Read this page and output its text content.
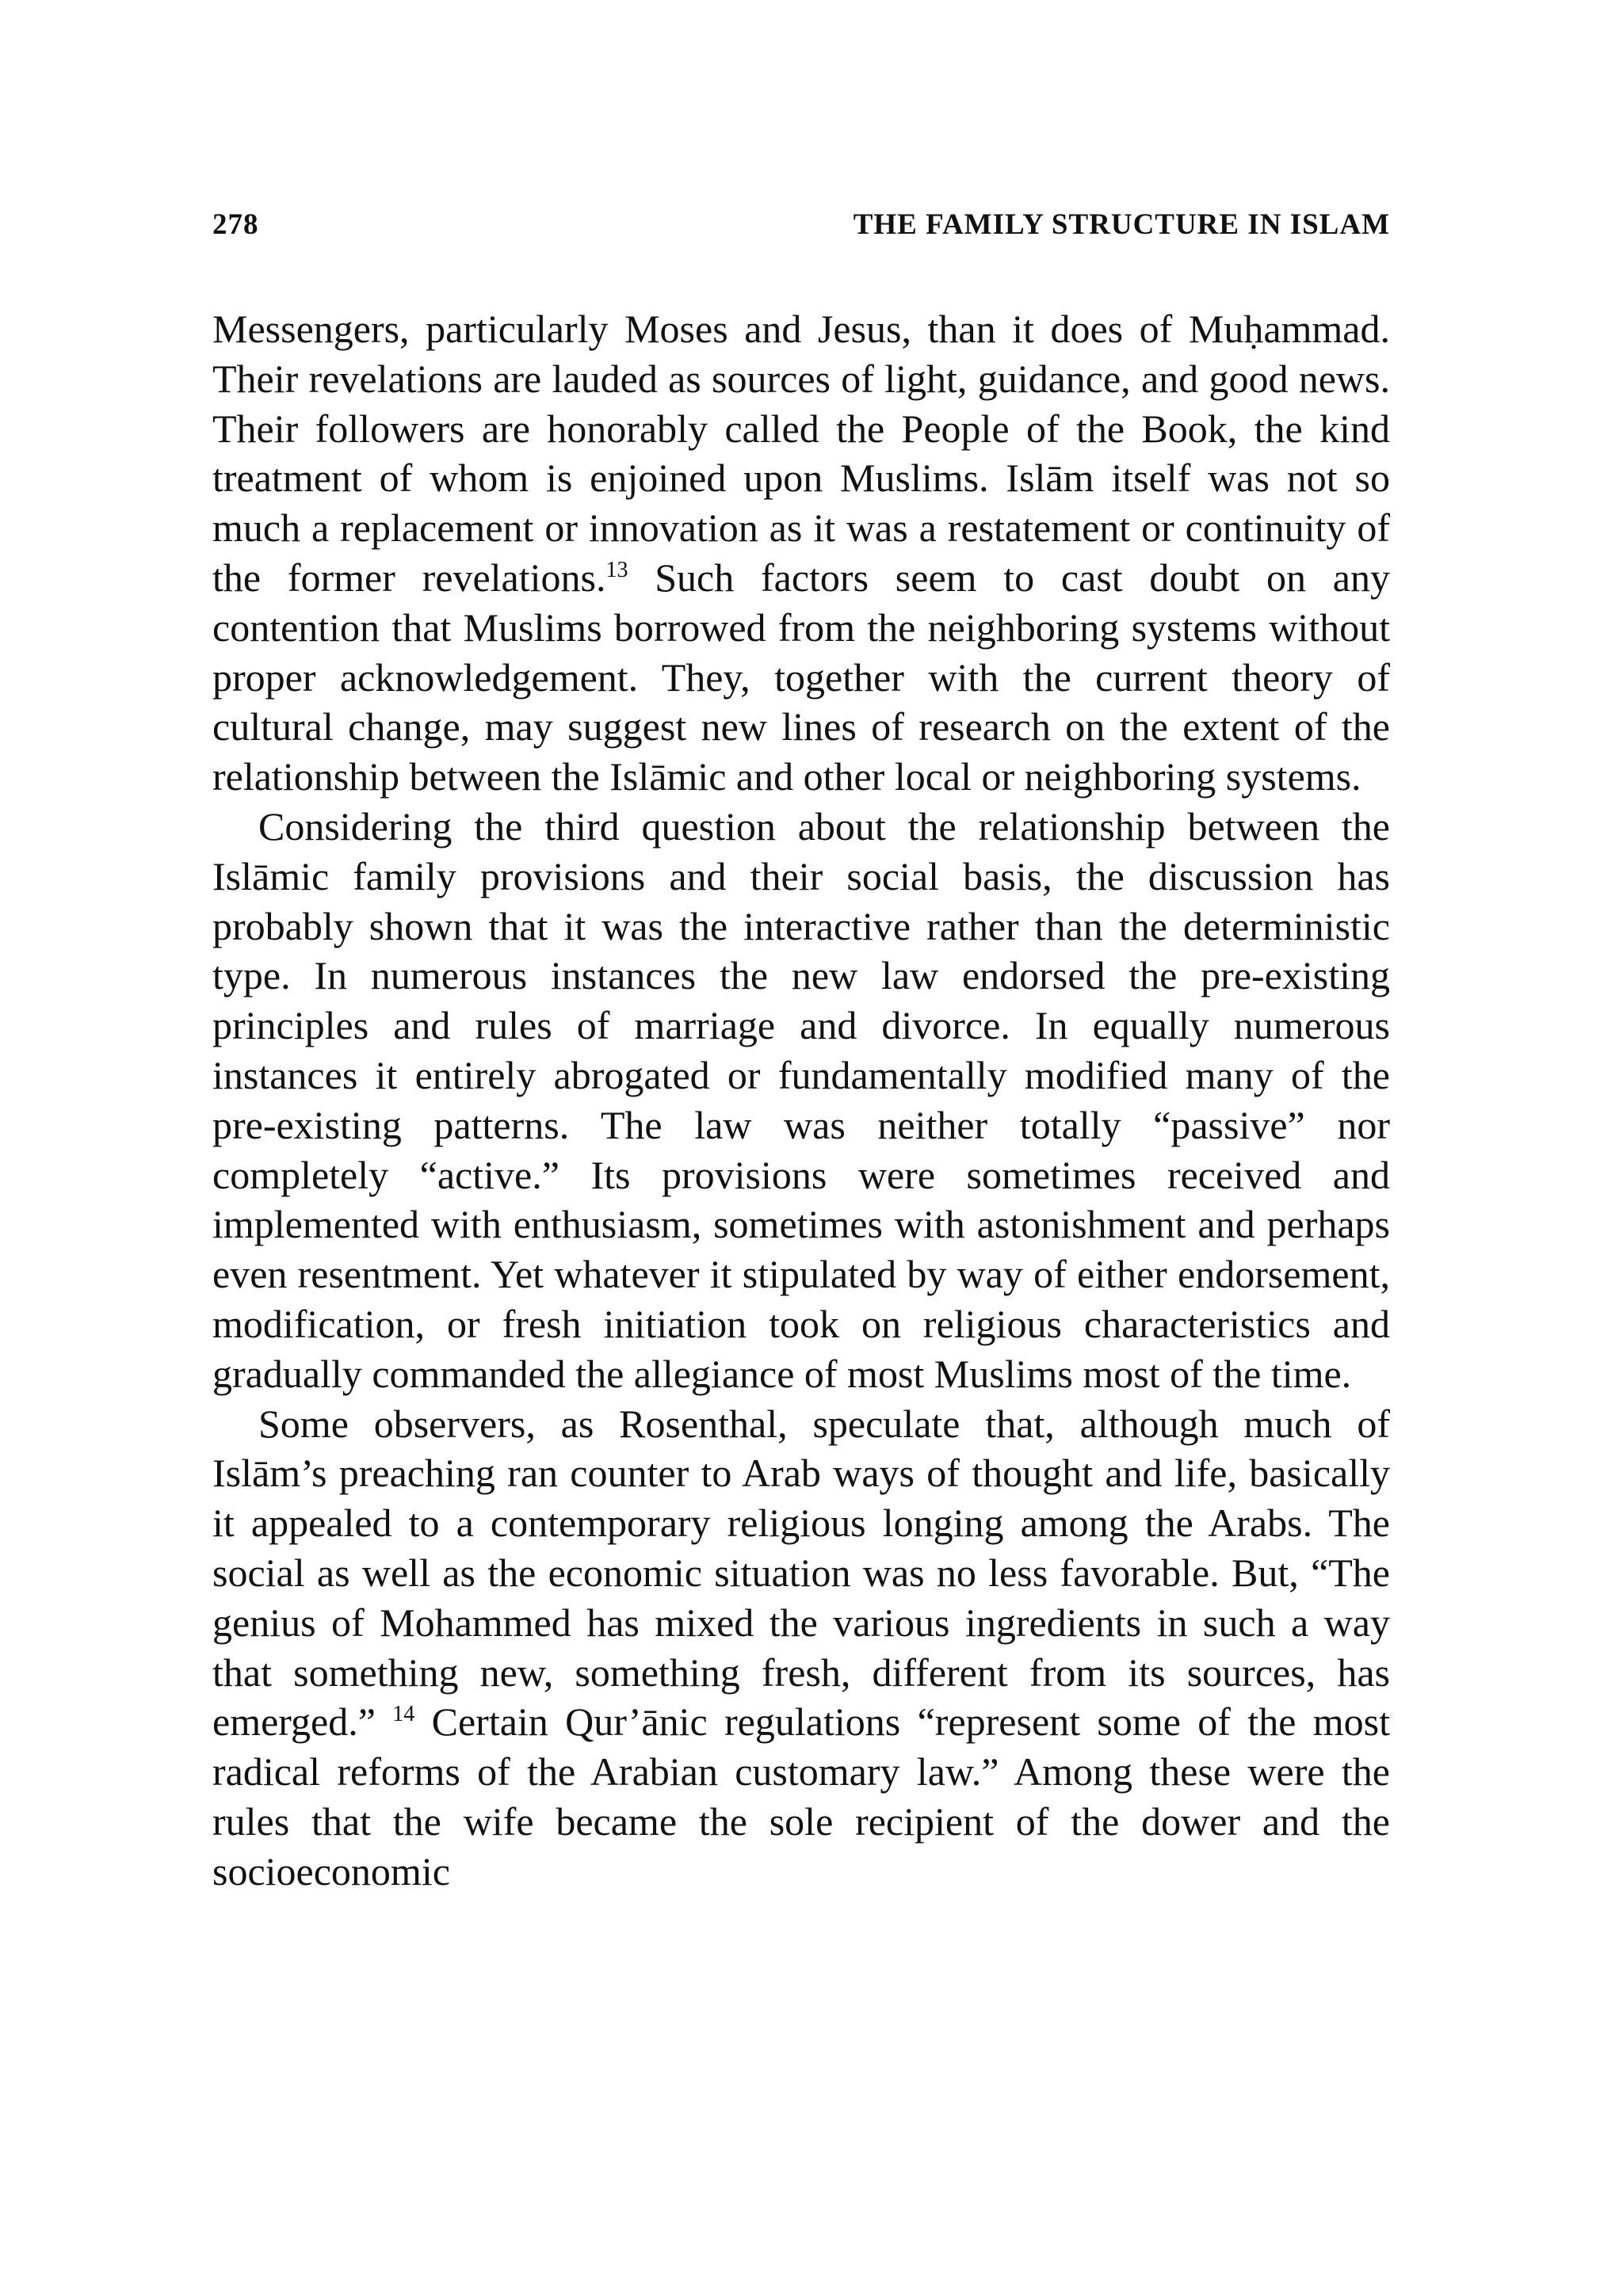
278	THE FAMILY STRUCTURE IN ISLAM

Messengers, particularly Moses and Jesus, than it does of Muḥammad. Their revelations are lauded as sources of light, guidance, and good news. Their followers are honorably called the People of the Book, the kind treatment of whom is enjoined upon Muslims. Islām itself was not so much a replacement or innovation as it was a restatement or continuity of the former revelations.$^{13}$ Such factors seem to cast doubt on any contention that Muslims borrowed from the neighboring systems without proper acknowledgement. They, together with the current theory of cultural change, may suggest new lines of research on the extent of the relationship between the Islāmic and other local or neighboring systems.

Considering the third question about the relationship between the Islāmic family provisions and their social basis, the discussion has probably shown that it was the interactive rather than the deterministic type. In numerous instances the new law endorsed the pre-existing principles and rules of marriage and divorce. In equally numerous instances it entirely abrogated or fundamentally modified many of the pre-existing patterns. The law was neither totally “passive” nor completely “active.” Its provisions were sometimes received and implemented with enthusiasm, sometimes with astonishment and perhaps even resentment. Yet whatever it stipulated by way of either endorsement, modification, or fresh initiation took on religious characteristics and gradually commanded the allegiance of most Muslims most of the time.

Some observers, as Rosenthal, speculate that, although much of Islām’s preaching ran counter to Arab ways of thought and life, basically it appealed to a contemporary religious longing among the Arabs. The social as well as the economic situation was no less favorable. But, “The genius of Mohammed has mixed the various ingredients in such a way that something new, something fresh, different from its sources, has emerged.” $^{14}$ Certain Qur’ānic regulations “represent some of the most radical reforms of the Arabian customary law.” Among these were the rules that the wife became the sole recipient of the dower and the socioeconomic
